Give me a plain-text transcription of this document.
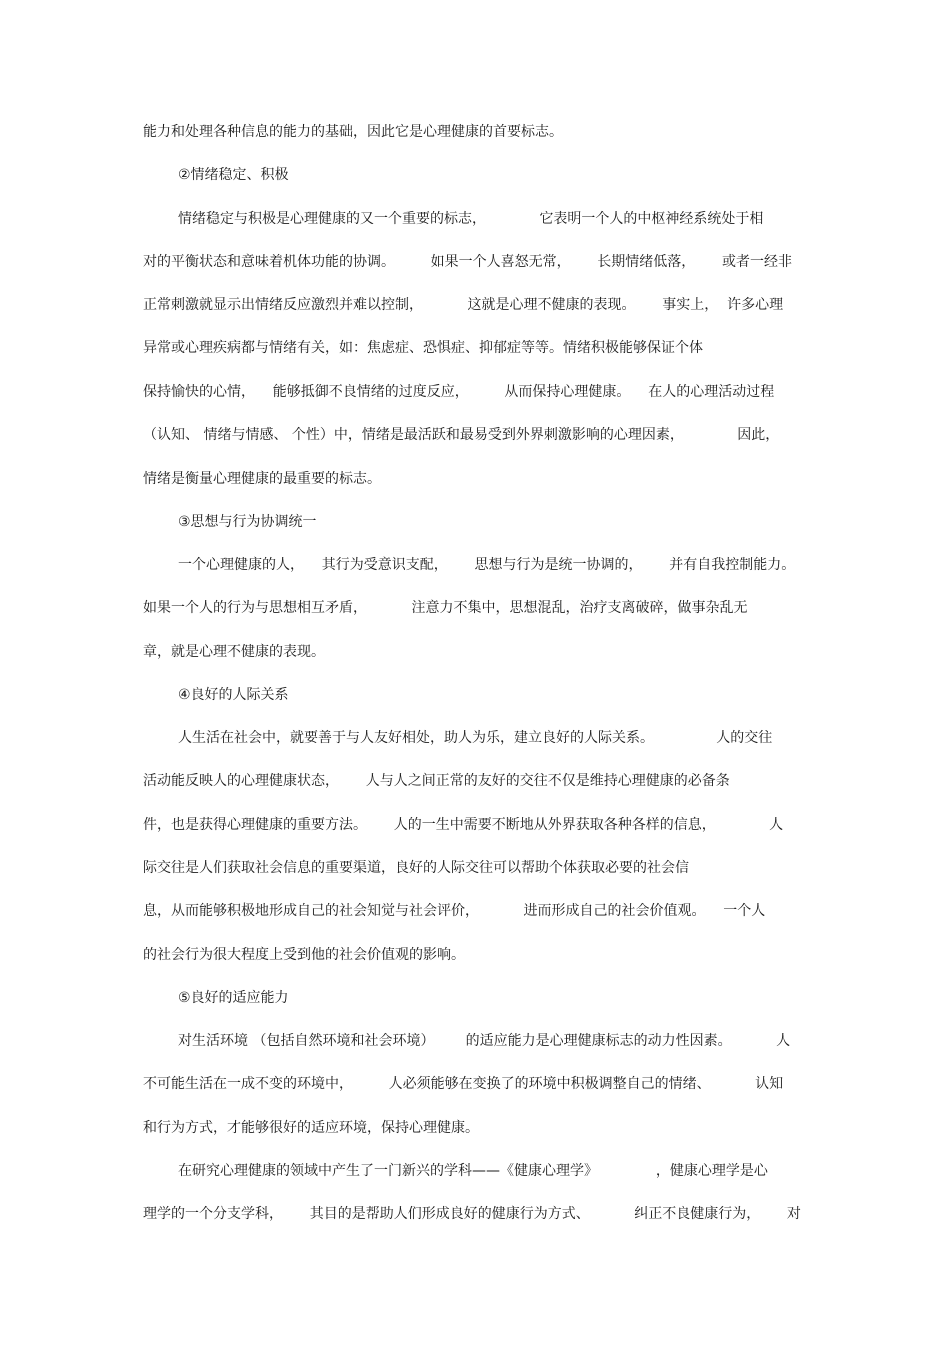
能力和处理各种信息的能力的基础，因此它是心理健康的首要标志。
②情绪稳定、积极
情绪稳定与积极是心理健康的又一个重要的标志，            它表明一个人的中枢神经系统处于相
对的平衡状态和意味着机体功能的协调。        如果一个人喜怒无常，      长期情绪低落，      或者一经非
正常刺激就显示出情绪反应激烈并难以控制，          这就是心理不健康的表现。      事实上，  许多心理
异常或心理疾病都与情绪有关，如：焦虑症、恐惧症、抑郁症等等。情绪积极能够保证个体
保持愉快的心情，    能够抵御不良情绪的过度反应，        从而保持心理健康。    在人的心理活动过程
（认知、 情绪与情感、 个性）中，情绪是最活跃和最易受到外界刺激影响的心理因素，            因此，
情绪是衡量心理健康的最重要的标志。
③思想与行为协调统一
一个心理健康的人，    其行为受意识支配，      思想与行为是统一协调的，      并有自我控制能力。
如果一个人的行为与思想相互矛盾，          注意力不集中，思想混乱，治疗支离破碎，做事杂乱无
章，就是心理不健康的表现。
④良好的人际关系
人生活在社会中，就要善于与人友好相处，助人为乐，建立良好的人际关系。              人的交往
活动能反映人的心理健康状态，      人与人之间正常的友好的交往不仅是维持心理健康的必备条
件，也是获得心理健康的重要方法。      人的一生中需要不断地从外界获取各种各样的信息，            人
际交往是人们获取社会信息的重要渠道，良好的人际交往可以帮助个体获取必要的社会信
息，从而能够积极地形成自己的社会知觉与社会评价，          进而形成自己的社会价值观。    一个人
的社会行为很大程度上受到他的社会价值观的影响。
⑤良好的适应能力
对生活环境 （包括自然环境和社会环境）       的适应能力是心理健康标志的动力性因素。          人
不可能生活在一成不变的环境中，        人必须能够在变换了的环境中积极调整自己的情绪、          认知
和行为方式，才能够很好的适应环境，保持心理健康。
在研究心理健康的领域中产生了一门新兴的学科——《健康心理学》             ，健康心理学是心
理学的一个分支学科，      其目的是帮助人们形成良好的健康行为方式、          纠正不良健康行为，      对
